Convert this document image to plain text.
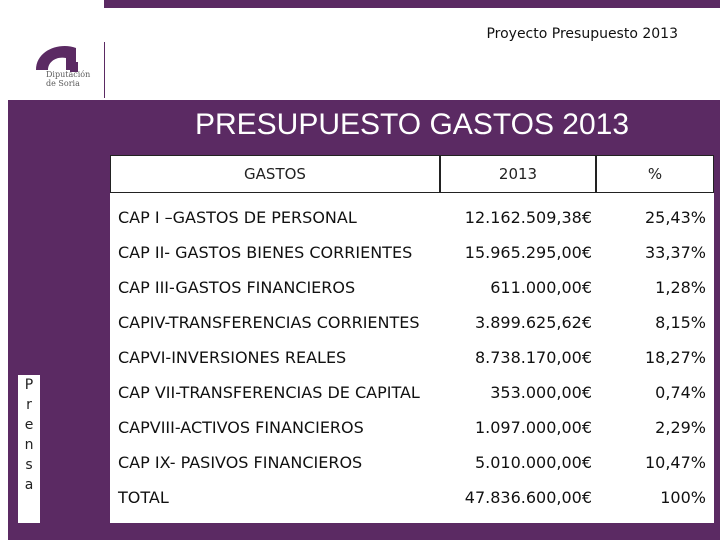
Proyecto Presupuesto 2013
Diputación
de Soria
P
r
e
n
s
a
PRESUPUESTO GASTOS 2013
GASTOS	2013	%
CAP I –GASTOS DE PERSONAL	12.162.509,38€	25,43%
CAP II- GASTOS BIENES CORRIENTES	15.965.295,00€	33,37%
CAP III-GASTOS FINANCIEROS	611.000,00€	1,28%
CAPIV-TRANSFERENCIAS CORRIENTES	3.899.625,62€	8,15%
CAPVI-INVERSIONES REALES	8.738.170,00€	18,27%
CAP VII-TRANSFERENCIAS DE CAPITAL	353.000,00€	0,74%
CAPVIII-ACTIVOS FINANCIEROS	1.097.000,00€	2,29%
CAP IX- PASIVOS FINANCIEROS	5.010.000,00€	10,47%
TOTAL	47.836.600,00€	100%
